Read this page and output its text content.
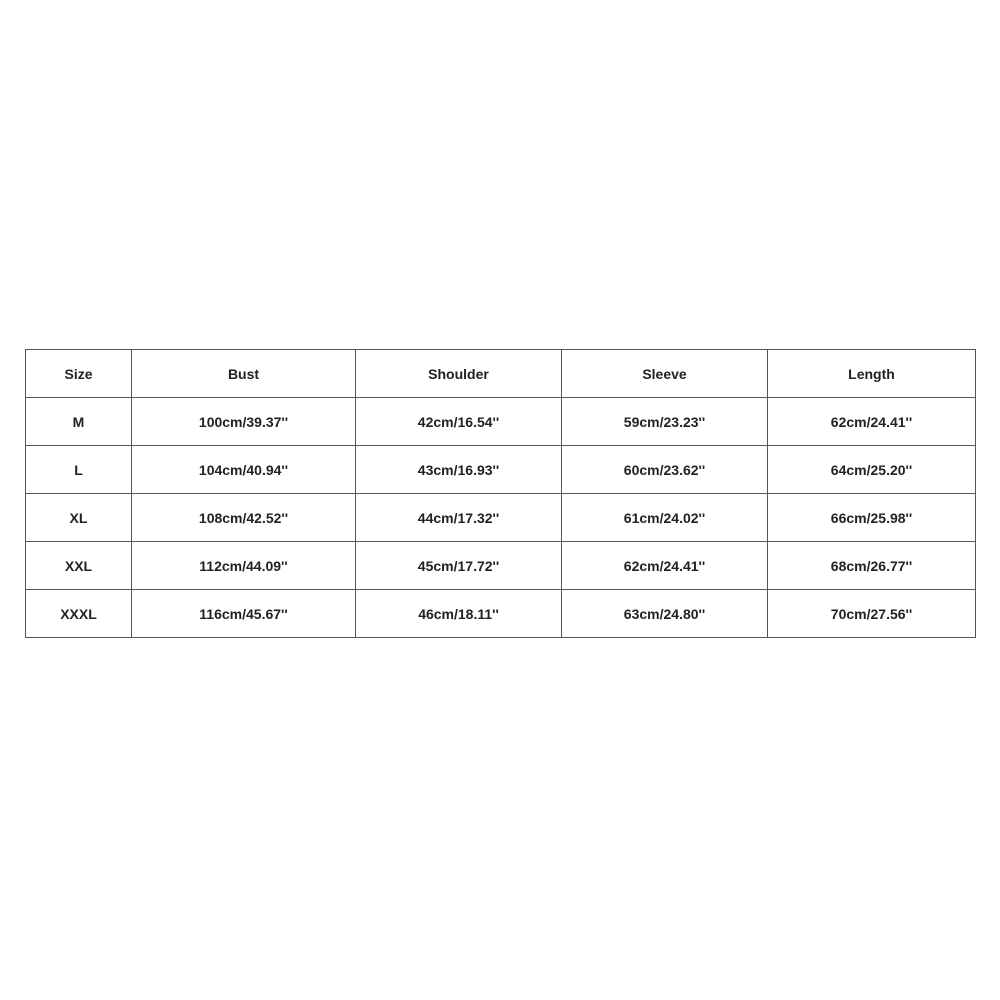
Size	Bust	Shoulder	Sleeve	Length
M	100cm/39.37''	42cm/16.54''	59cm/23.23''	62cm/24.41''
L	104cm/40.94''	43cm/16.93''	60cm/23.62''	64cm/25.20''
XL	108cm/42.52''	44cm/17.32''	61cm/24.02''	66cm/25.98''
XXL	112cm/44.09''	45cm/17.72''	62cm/24.41''	68cm/26.77''
XXXL	116cm/45.67''	46cm/18.11''	63cm/24.80''	70cm/27.56''
